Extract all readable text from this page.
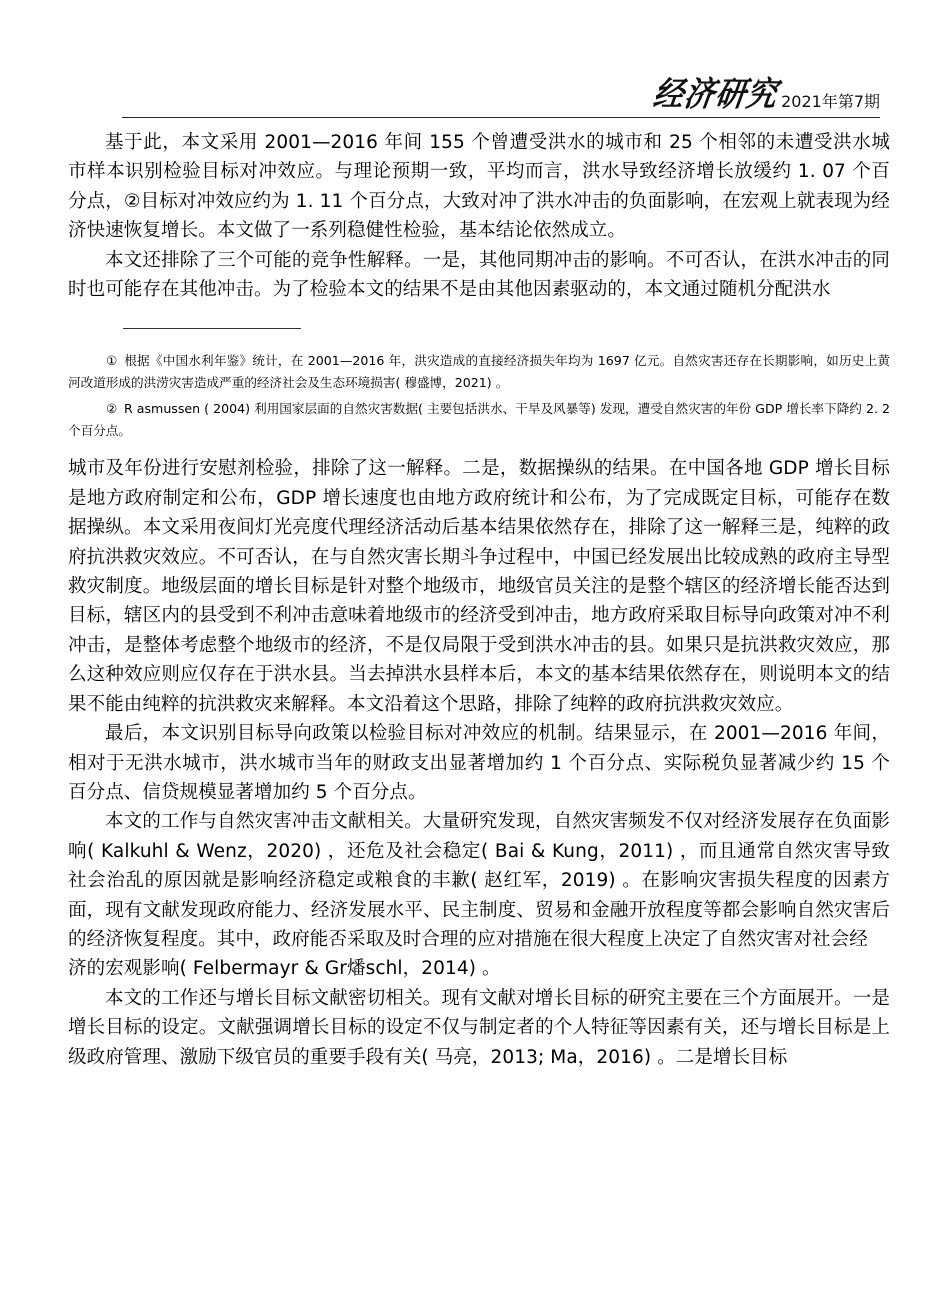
经济研究 2021年第7期

基于此，本文采用 2001—2016 年间 155 个曾遭受洪水的城市和 25 个相邻的未遭受洪水城市样本识别检验目标对冲效应。与理论预期一致，平均而言，洪水导致经济增长放缓约 1. 07 个百分点，②目标对冲效应约为 1. 11 个百分点，大致对冲了洪水冲击的负面影响，在宏观上就表现为经济快速恢复增长。本文做了一系列稳健性检验，基本结论依然成立。

本文还排除了三个可能的竞争性解释。一是，其他同期冲击的影响。不可否认，在洪水冲击的同时也可能存在其他冲击。为了检验本文的结果不是由其他因素驱动的，本文通过随机分配洪水

① 根据《中国水利年鉴》统计，在 2001—2016 年，洪灾造成的直接经济损失年均为 1697 亿元。自然灾害还存在长期影响，如历史上黄河改道形成的洪涝灾害造成严重的经济社会及生态环境损害( 穆盛博，2021) 。

② R asmussen ( 2004) 利用国家层面的自然灾害数据( 主要包括洪水、干旱及风暴等) 发现，遭受自然灾害的年份 GDP 增长率下降约 2. 2 个百分点。

城市及年份进行安慰剂检验，排除了这一解释。二是，数据操纵的结果。在中国各地 GDP 增长目标是地方政府制定和公布，GDP 增长速度也由地方政府统计和公布，为了完成既定目标，可能存在数据操纵。本文采用夜间灯光亮度代理经济活动后基本结果依然存在，排除了这一解释三是，纯粹的政府抗洪救灾效应。不可否认，在与自然灾害长期斗争过程中，中国已经发展出比较成熟的政府主导型救灾制度。地级层面的增长目标是针对整个地级市，地级官员关注的是整个辖区的经济增长能否达到目标，辖区内的县受到不利冲击意味着地级市的经济受到冲击，地方政府采取目标导向政策对冲不利冲击，是整体考虑整个地级市的经济，不是仅局限于受到洪水冲击的县。如果只是抗洪救灾效应，那么这种效应则应仅存在于洪水县。当去掉洪水县样本后，本文的基本结果依然存在，则说明本文的结果不能由纯粹的抗洪救灾来解释。本文沿着这个思路，排除了纯粹的政府抗洪救灾效应。

最后，本文识别目标导向政策以检验目标对冲效应的机制。结果显示，在 2001—2016 年间，相对于无洪水城市，洪水城市当年的财政支出显著增加约 1 个百分点、实际税负显著减少约 15 个百分点、信贷规模显著增加约 5 个百分点。

本文的工作与自然灾害冲击文献相关。大量研究发现，自然灾害频发不仅对经济发展存在负面影响( Kalkuhl & Wenz，2020) ，还危及社会稳定( Bai & Kung，2011) ，而且通常自然灾害导致社会治乱的原因就是影响经济稳定或粮食的丰歉( 赵红军，2019) 。在影响灾害损失程度的因素方面，现有文献发现政府能力、经济发展水平、民主制度、贸易和金融开放程度等都会影响自然灾害后的经济恢复程度。其中，政府能否采取及时合理的应对措施在很大程度上决定了自然灾害对社会经

济的宏观影响( Felbermayr & Gr燔schl，2014) 。

本文的工作还与增长目标文献密切相关。现有文献对增长目标的研究主要在三个方面展开。一是增长目标的设定。文献强调增长目标的设定不仅与制定者的个人特征等因素有关，还与增长目标是上级政府管理、激励下级官员的重要手段有关( 马亮，2013; Ma，2016) 。二是增长目标
